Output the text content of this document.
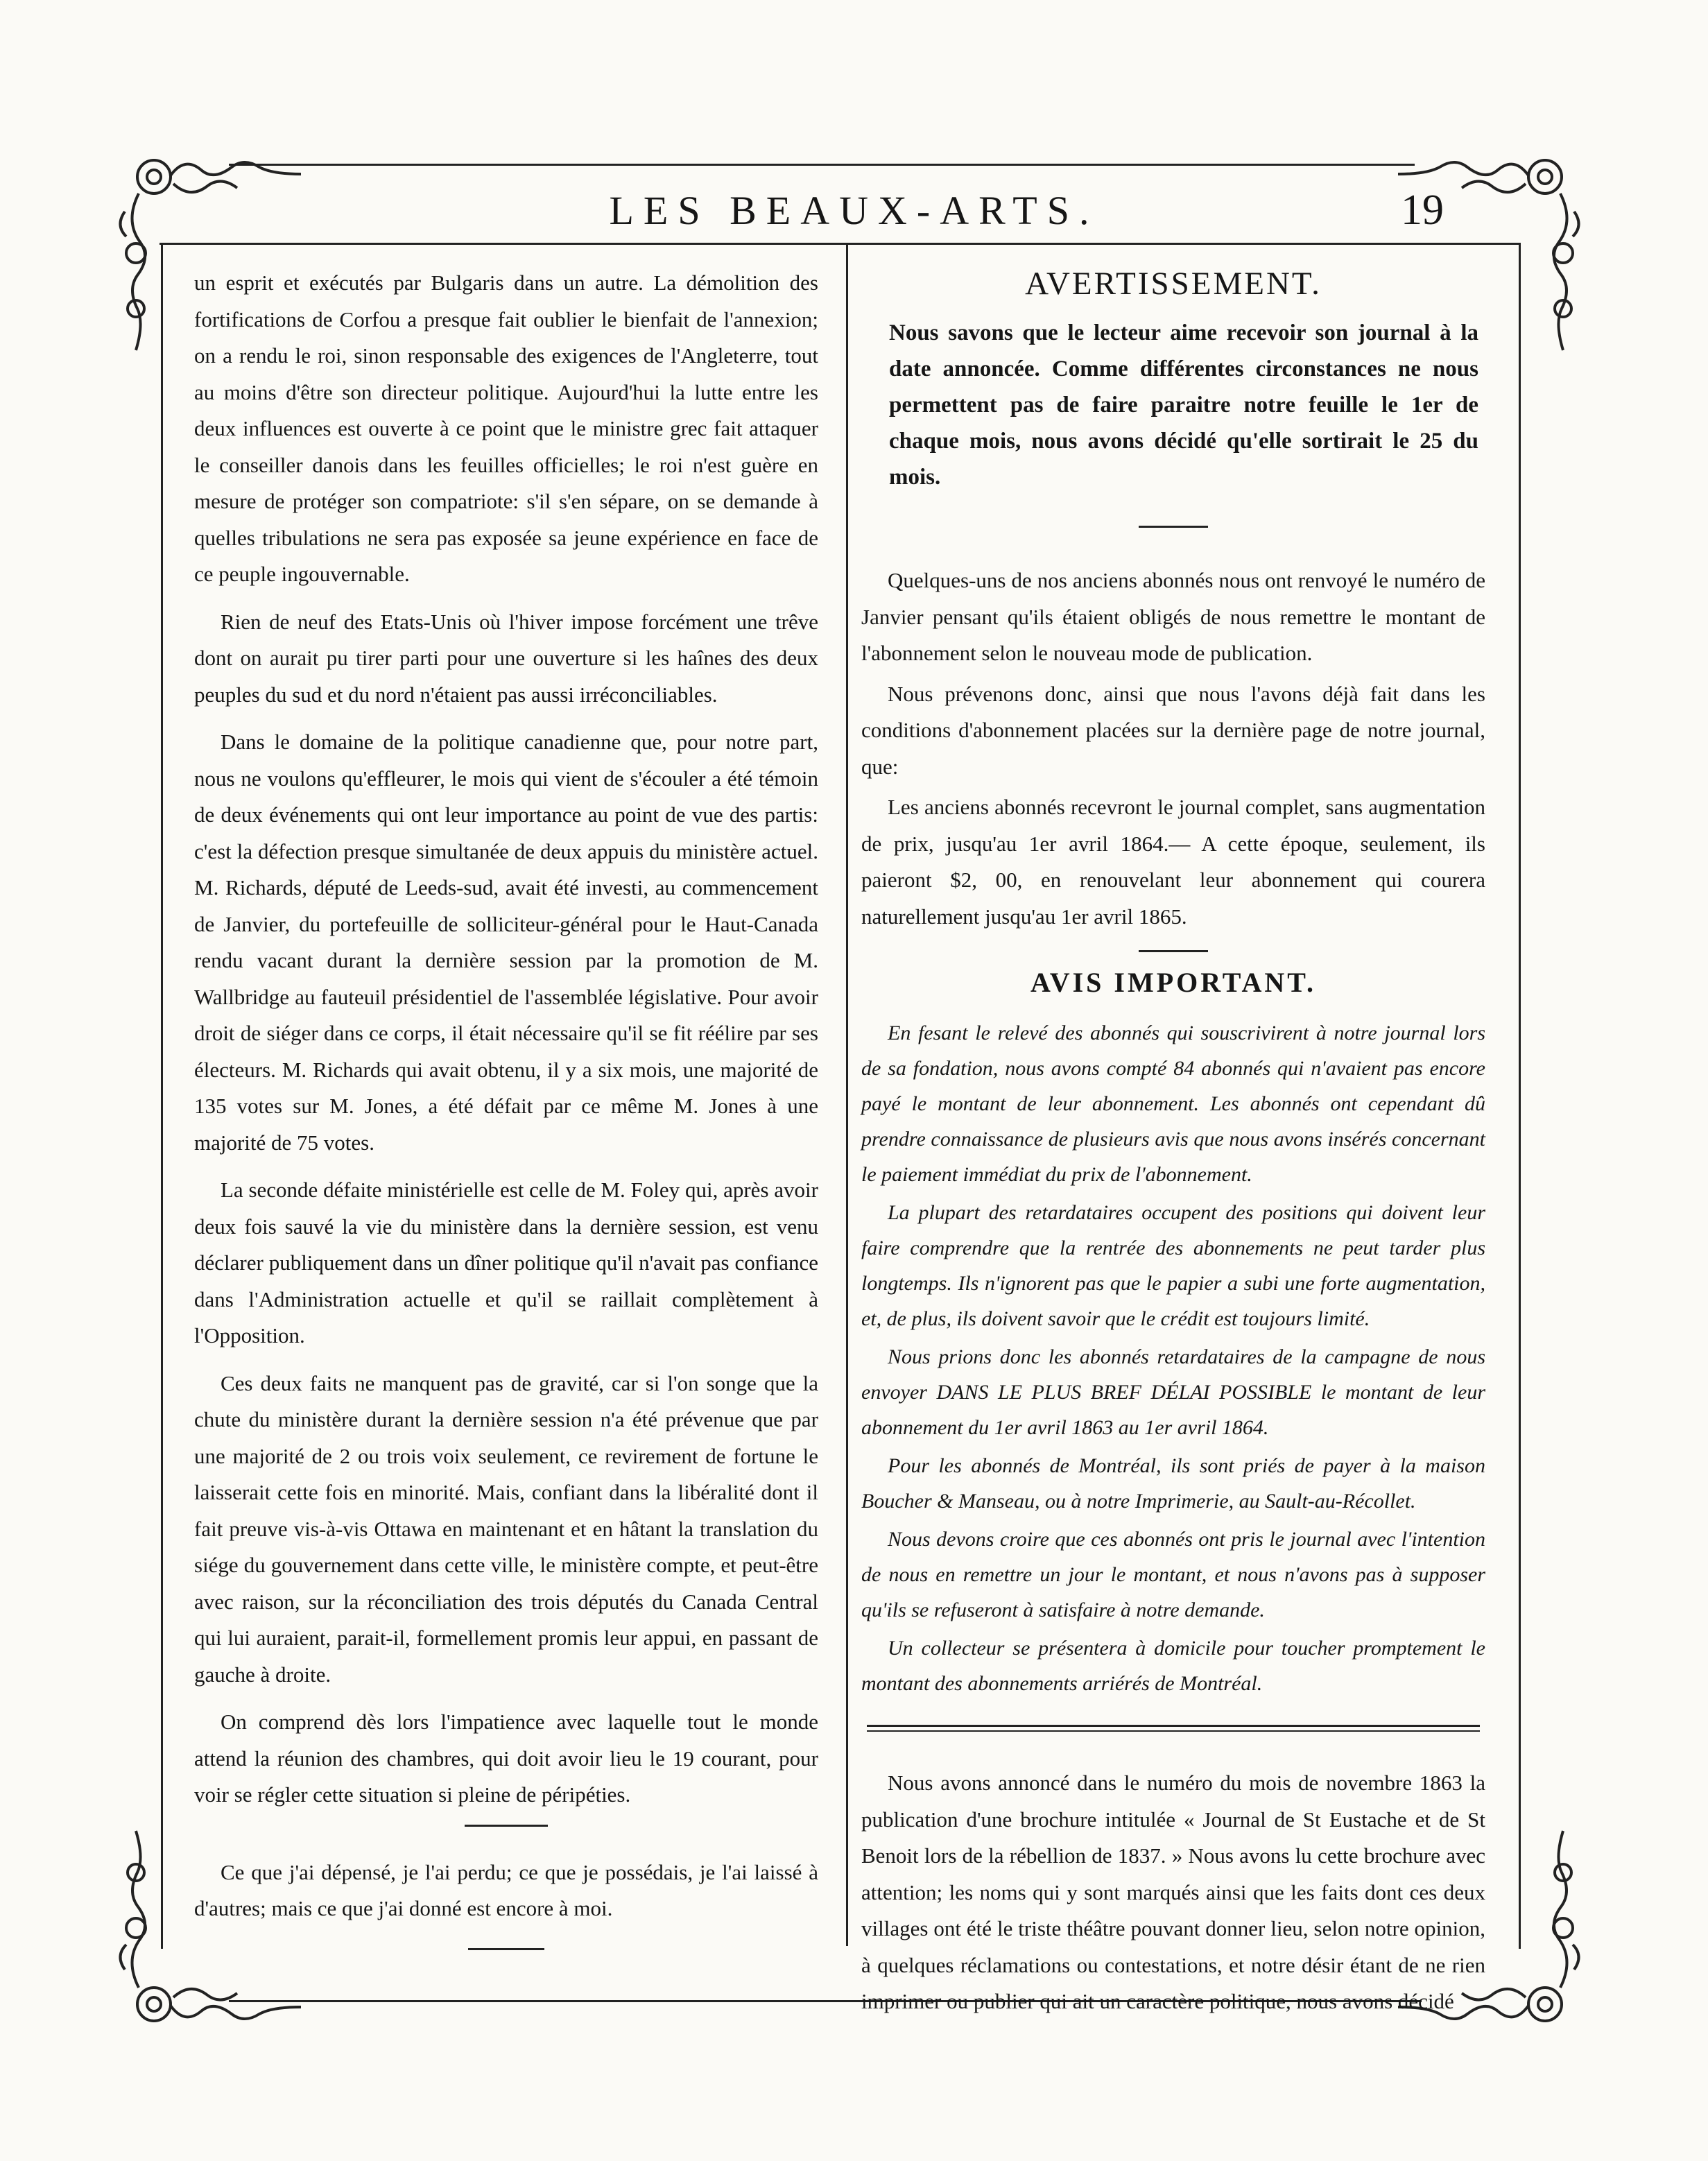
LES BEAUX-ARTS.	19

un esprit et exécutés par Bulgaris dans un autre. La démolition des fortifications de Corfou a presque fait oublier le bienfait de l'annexion; on a rendu le roi, sinon responsable des exigences de l'Angleterre, tout au moins d'être son directeur politique. Aujourd'hui la lutte entre les deux influences est ouverte à ce point que le ministre grec fait attaquer le conseiller danois dans les feuilles officielles; le roi n'est guère en mesure de protéger son compatriote: s'il s'en sépare, on se demande à quelles tribulations ne sera pas exposée sa jeune expérience en face de ce peuple ingouvernable.

Rien de neuf des Etats-Unis où l'hiver impose forcément une trêve dont on aurait pu tirer parti pour une ouverture si les haînes des deux peuples du sud et du nord n'étaient pas aussi irréconciliables.

Dans le domaine de la politique canadienne que, pour notre part, nous ne voulons qu'effleurer, le mois qui vient de s'écouler a été témoin de deux événements qui ont leur importance au point de vue des partis: c'est la défection presque simultanée de deux appuis du ministère actuel. M. Richards, député de Leeds-sud, avait été investi, au commencement de Janvier, du portefeuille de solliciteur-général pour le Haut-Canada rendu vacant durant la dernière session par la promotion de M. Wallbridge au fauteuil présidentiel de l'assemblée législative. Pour avoir droit de siéger dans ce corps, il était nécessaire qu'il se fit réélire par ses électeurs. M. Richards qui avait obtenu, il y a six mois, une majorité de 135 votes sur M. Jones, a été défait par ce même M. Jones à une majorité de 75 votes.

La seconde défaite ministérielle est celle de M. Foley qui, après avoir deux fois sauvé la vie du ministère dans la dernière session, est venu déclarer publiquement dans un dîner politique qu'il n'avait pas confiance dans l'Administration actuelle et qu'il se raillait complètement à l'Opposition.

Ces deux faits ne manquent pas de gravité, car si l'on songe que la chute du ministère durant la dernière session n'a été prévenue que par une majorité de 2 ou trois voix seulement, ce revirement de fortune le laisserait cette fois en minorité. Mais, confiant dans la libéralité dont il fait preuve vis-à-vis Ottawa en maintenant et en hâtant la translation du siége du gouvernement dans cette ville, le ministère compte, et peut-être avec raison, sur la réconciliation des trois députés du Canada Central qui lui auraient, parait-il, formellement promis leur appui, en passant de gauche à droite.

On comprend dès lors l'impatience avec laquelle tout le monde attend la réunion des chambres, qui doit avoir lieu le 19 courant, pour voir se régler cette situation si pleine de péripéties.

Ce que j'ai dépensé, je l'ai perdu; ce que je possédais, je l'ai laissé à d'autres; mais ce que j'ai donné est encore à moi.

AVERTISSEMENT.

Nous savons que le lecteur aime recevoir son journal à la date annoncée. Comme différentes circonstances ne nous permettent pas de faire paraitre notre feuille le 1er de chaque mois, nous avons décidé qu'elle sortirait le 25 du mois.

Quelques-uns de nos anciens abonnés nous ont renvoyé le numéro de Janvier pensant qu'ils étaient obligés de nous remettre le montant de l'abonnement selon le nouveau mode de publication.

Nous prévenons donc, ainsi que nous l'avons déjà fait dans les conditions d'abonnement placées sur la dernière page de notre journal, que:

Les anciens abonnés recevront le journal complet, sans augmentation de prix, jusqu'au 1er avril 1864.— A cette époque, seulement, ils paieront $2, 00, en renouvelant leur abonnement qui courera naturellement jusqu'au 1er avril 1865.

AVIS IMPORTANT.

En fesant le relevé des abonnés qui souscrivirent à notre journal lors de sa fondation, nous avons compté 84 abonnés qui n'avaient pas encore payé le montant de leur abonnement. Les abonnés ont cependant dû prendre connaissance de plusieurs avis que nous avons insérés concernant le paiement immédiat du prix de l'abonnement.

La plupart des retardataires occupent des positions qui doivent leur faire comprendre que la rentrée des abonnements ne peut tarder plus longtemps. Ils n'ignorent pas que le papier a subi une forte augmentation, et, de plus, ils doivent savoir que le crédit est toujours limité.

Nous prions donc les abonnés retardataires de la campagne de nous envoyer DANS LE PLUS BREF DÉLAI POSSIBLE le montant de leur abonnement du 1er avril 1863 au 1er avril 1864.

Pour les abonnés de Montréal, ils sont priés de payer à la maison Boucher & Manseau, ou à notre Imprimerie, au Sault-au-Récollet.

Nous devons croire que ces abonnés ont pris le journal avec l'intention de nous en remettre un jour le montant, et nous n'avons pas à supposer qu'ils se refuseront à satisfaire à notre demande.

Un collecteur se présentera à domicile pour toucher promptement le montant des abonnements arriérés de Montréal.

Nous avons annoncé dans le numéro du mois de novembre 1863 la publication d'une brochure intitulée « Journal de St Eustache et de St Benoit lors de la rébellion de 1837. » Nous avons lu cette brochure avec attention; les noms qui y sont marqués ainsi que les faits dont ces deux villages ont été le triste théâtre pouvant donner lieu, selon notre opinion, à quelques réclamations ou contestations, et notre désir étant de ne rien imprimer ou publier qui ait un caractère politique, nous avons décidé
